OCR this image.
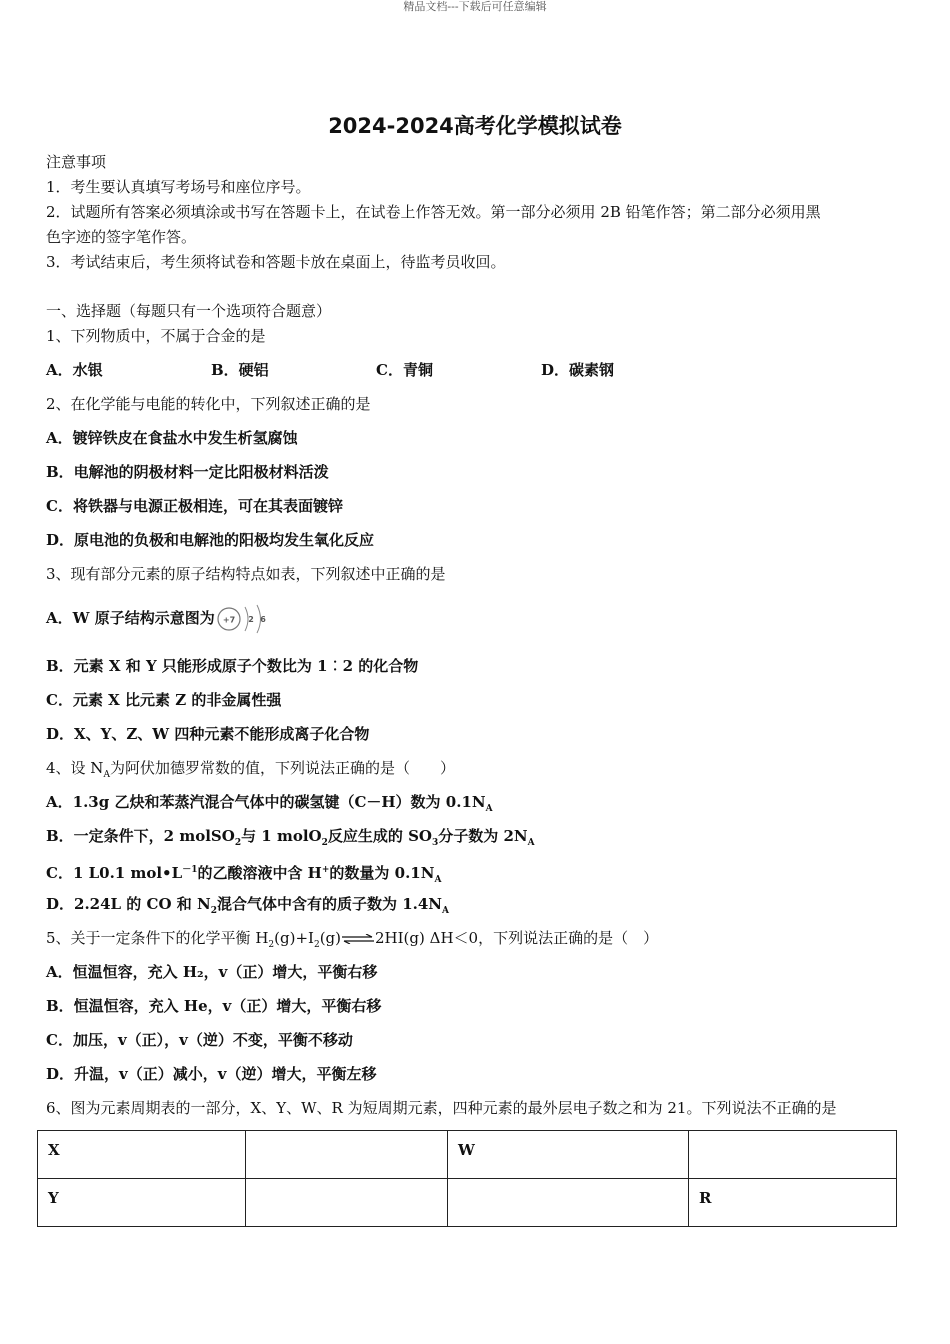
精品文档---下载后可任意编辑
2024-2024高考化学模拟试卷
注意事项
1．考生要认真填写考场号和座位序号。
2．试题所有答案必须填涂或书写在答题卡上，在试卷上作答无效。第一部分必须用 2B 铅笔作答；第二部分必须用黑
色字迹的签字笔作答。
3．考试结束后，考生须将试卷和答题卡放在桌面上，待监考员收回。
一、选择题（每题只有一个选项符合题意）
1、下列物质中，不属于合金的是
A．水银	B．硬铝	C．青铜	D．碳素钢
2、在化学能与电能的转化中，下列叙述正确的是
A．镀锌铁皮在食盐水中发生析氢腐蚀
B．电解池的阴极材料一定比阳极材料活泼
C．将铁器与电源正极相连，可在其表面镀锌
D．原电池的负极和电解池的阳极均发生氧化反应
3、现有部分元素的原子结构特点如表，下列叙述中正确的是
A．W 原子结构示意图为 +7 2 6
B．元素 X 和 Y 只能形成原子个数比为 1︰2 的化合物
C．元素 X 比元素 Z 的非金属性强
D．X、Y、Z、W 四种元素不能形成离子化合物
4、设 $N_A$为阿伏加德罗常数的值，下列说法正确的是（　　）
A．1.3g 乙炔和苯蒸汽混合气体中的碳氢键（C－H）数为 $0.1N_A$
B．一定条件下，2 molSO$_2$与 1 molO$_2$反应生成的 $SO_3$分子数为 $2N_A$
C．1 L0.1 $mol•L^{-1}$的乙酸溶液中含 H+的数量为 $0.1N_A$
D．2.24L 的 CO 和 $N_2$混合气体中含有的质子数为 $1.4N_A$
5、关于一定条件下的化学平衡 $H_2(g)+I_2(g)\rightleftharpoons 2HI(g)$ ΔH＜0，下列说法正确的是（　）
A．恒温恒容，充入 H₂，v（正）增大，平衡右移
B．恒温恒容，充入 He，v（正）增大，平衡右移
C．加压，v（正），v（逆）不变，平衡不移动
D．升温，v（正）减小，v（逆）增大，平衡左移
6、图为元素周期表的一部分，X、Y、W、R 为短周期元素，四种元素的最外层电子数之和为 21。下列说法不正确的是
X		W	
Y			R
